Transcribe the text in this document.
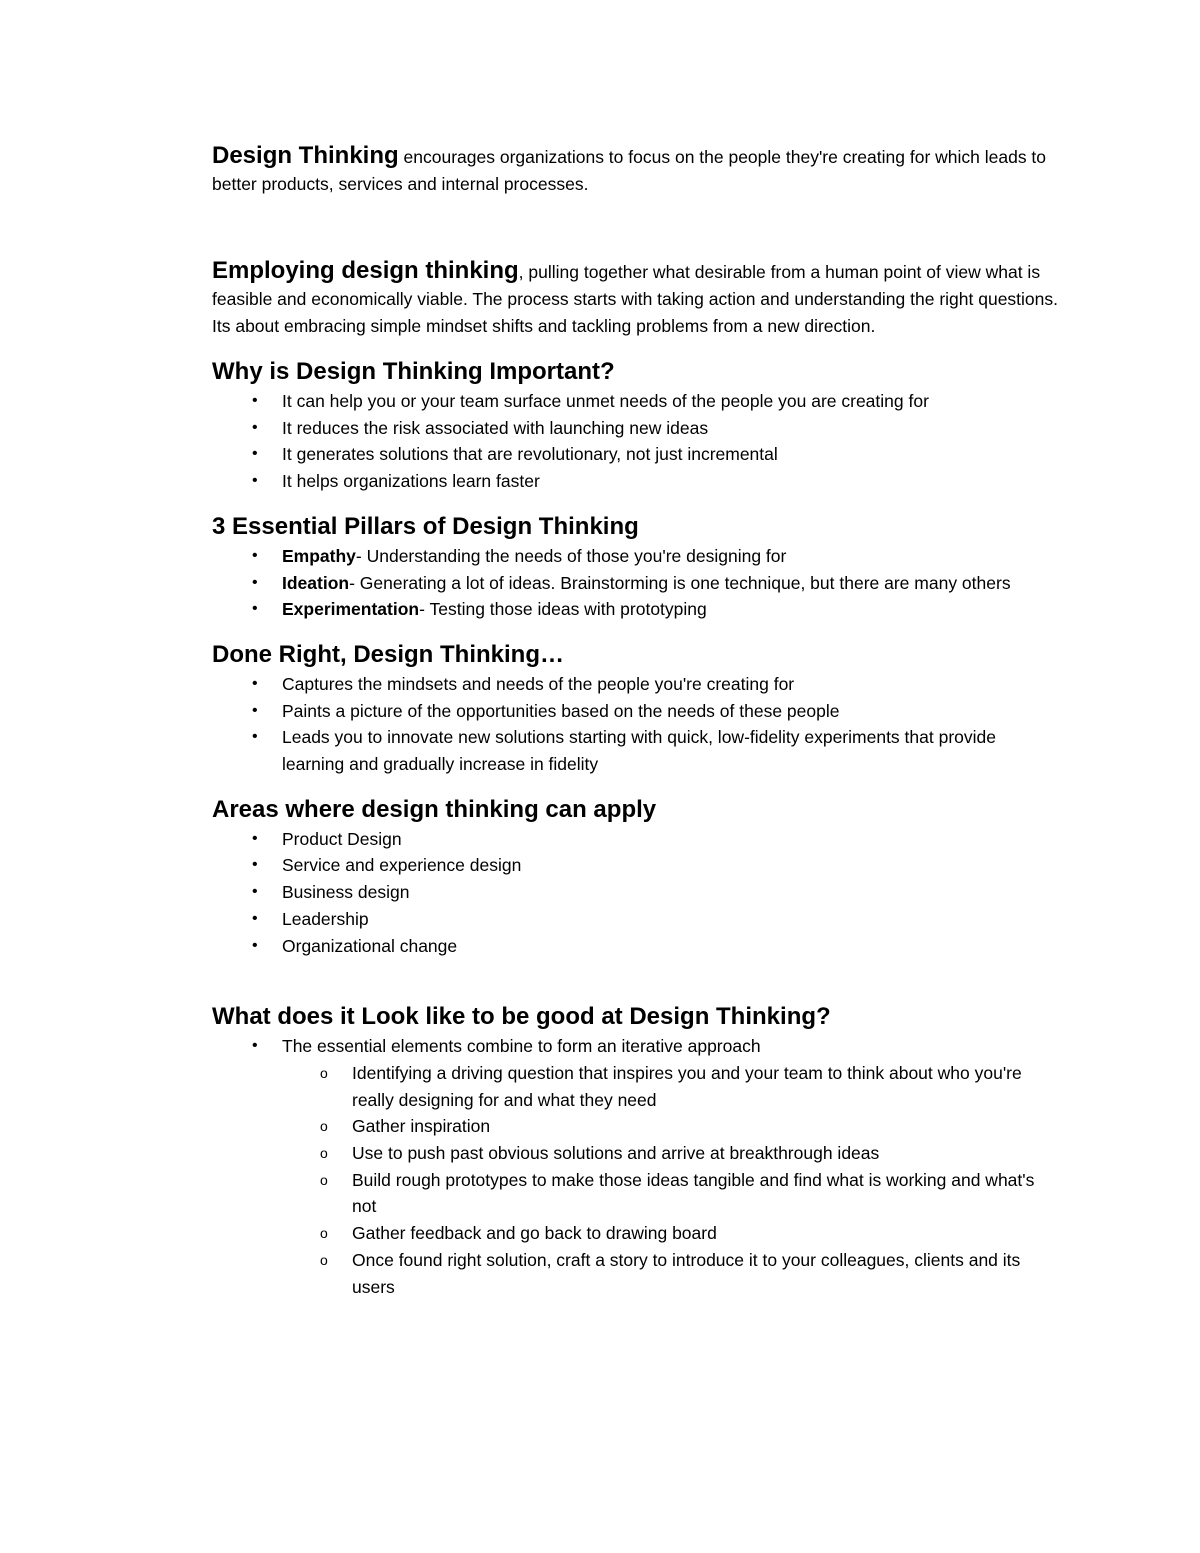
Design Thinking encourages organizations to focus on the people they're creating for which leads to better products, services and internal processes.

Employing design thinking, pulling together what desirable from a human point of view what is feasible and economically viable. The process starts with taking action and understanding the right questions. Its about embracing simple mindset shifts and tackling problems from a new direction.

Why is Design Thinking Important?
• It can help you or your team surface unmet needs of the people you are creating for
• It reduces the risk associated with launching new ideas
• It generates solutions that are revolutionary, not just incremental
• It helps organizations learn faster
3 Essential Pillars of Design Thinking
• Empathy- Understanding the needs of those you're designing for
• Ideation- Generating a lot of ideas. Brainstorming is one technique, but there are many others
• Experimentation- Testing those ideas with prototyping
Done Right, Design Thinking…
• Captures the mindsets and needs of the people you're creating for
• Paints a picture of the opportunities based on the needs of these people
• Leads you to innovate new solutions starting with quick, low-fidelity experiments that provide learning and gradually increase in fidelity
Areas where design thinking can apply
• Product Design
• Service and experience design
• Business design
• Leadership
• Organizational change
What does it Look like to be good at Design Thinking?
• The essential elements combine to form an iterative approach
o Identifying a driving question that inspires you and your team to think about who you're really designing for and what they need
o Gather inspiration
o Use to push past obvious solutions and arrive at breakthrough ideas
o Build rough prototypes to make those ideas tangible and find what is working and what's not
o Gather feedback and go back to drawing board
o Once found right solution, craft a story to introduce it to your colleagues, clients and its users
